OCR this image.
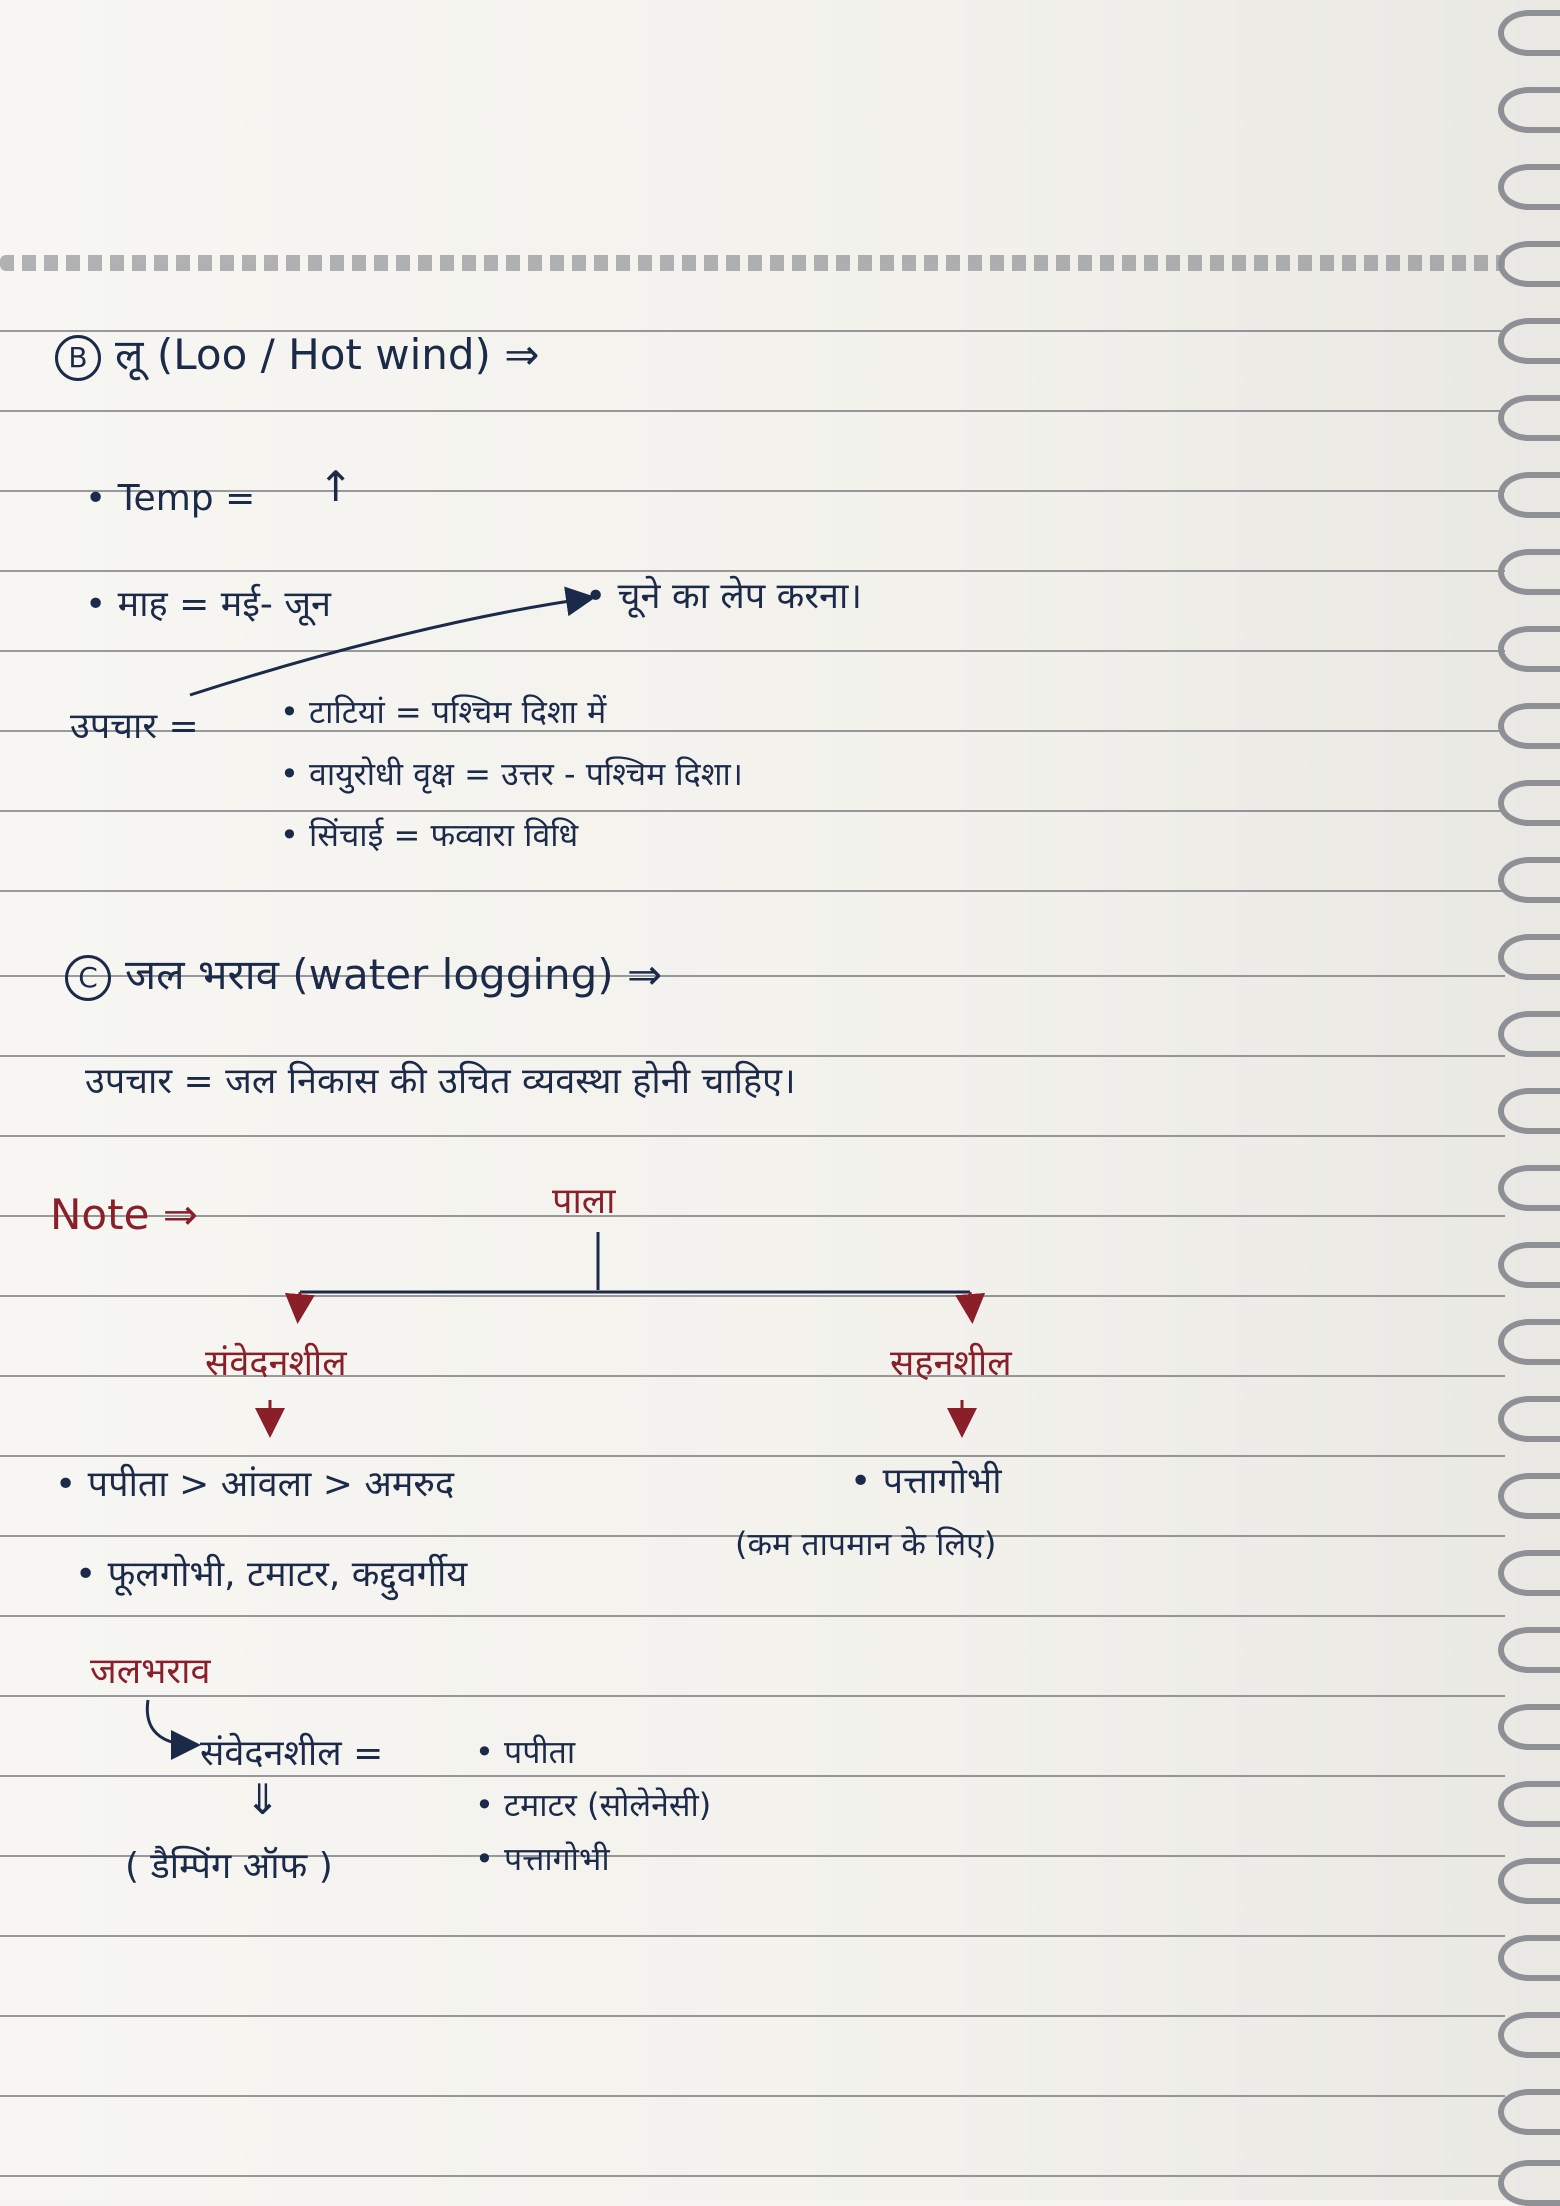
B लू (Loo / Hot wind) ⇒
• Temp = ↑
• माह = मई- जून	• चूने का लेप करना।
उपचार =	• टाटियां = पश्चिम दिशा में
• वायुरोधी वृक्ष = उत्तर - पश्चिम दिशा।
• सिंचाई = फव्वारा विधि
C जल भराव (water logging) ⇒
उपचार = जल निकास की उचित व्यवस्था होनी चाहिए।
Note ⇒	पाला
संवेदनशील	सहनशील
• पपीता > आंवला > अमरुद
• फूलगोभी, टमाटर, कद्दुवर्गीय
• पत्तागोभी
(कम तापमान के लिए)
जलभराव
संवेदनशील =	• पपीता
• टमाटर (सोलेनेसी)
• पत्तागोभी
⇓
( डैम्पिंग ऑफ )
